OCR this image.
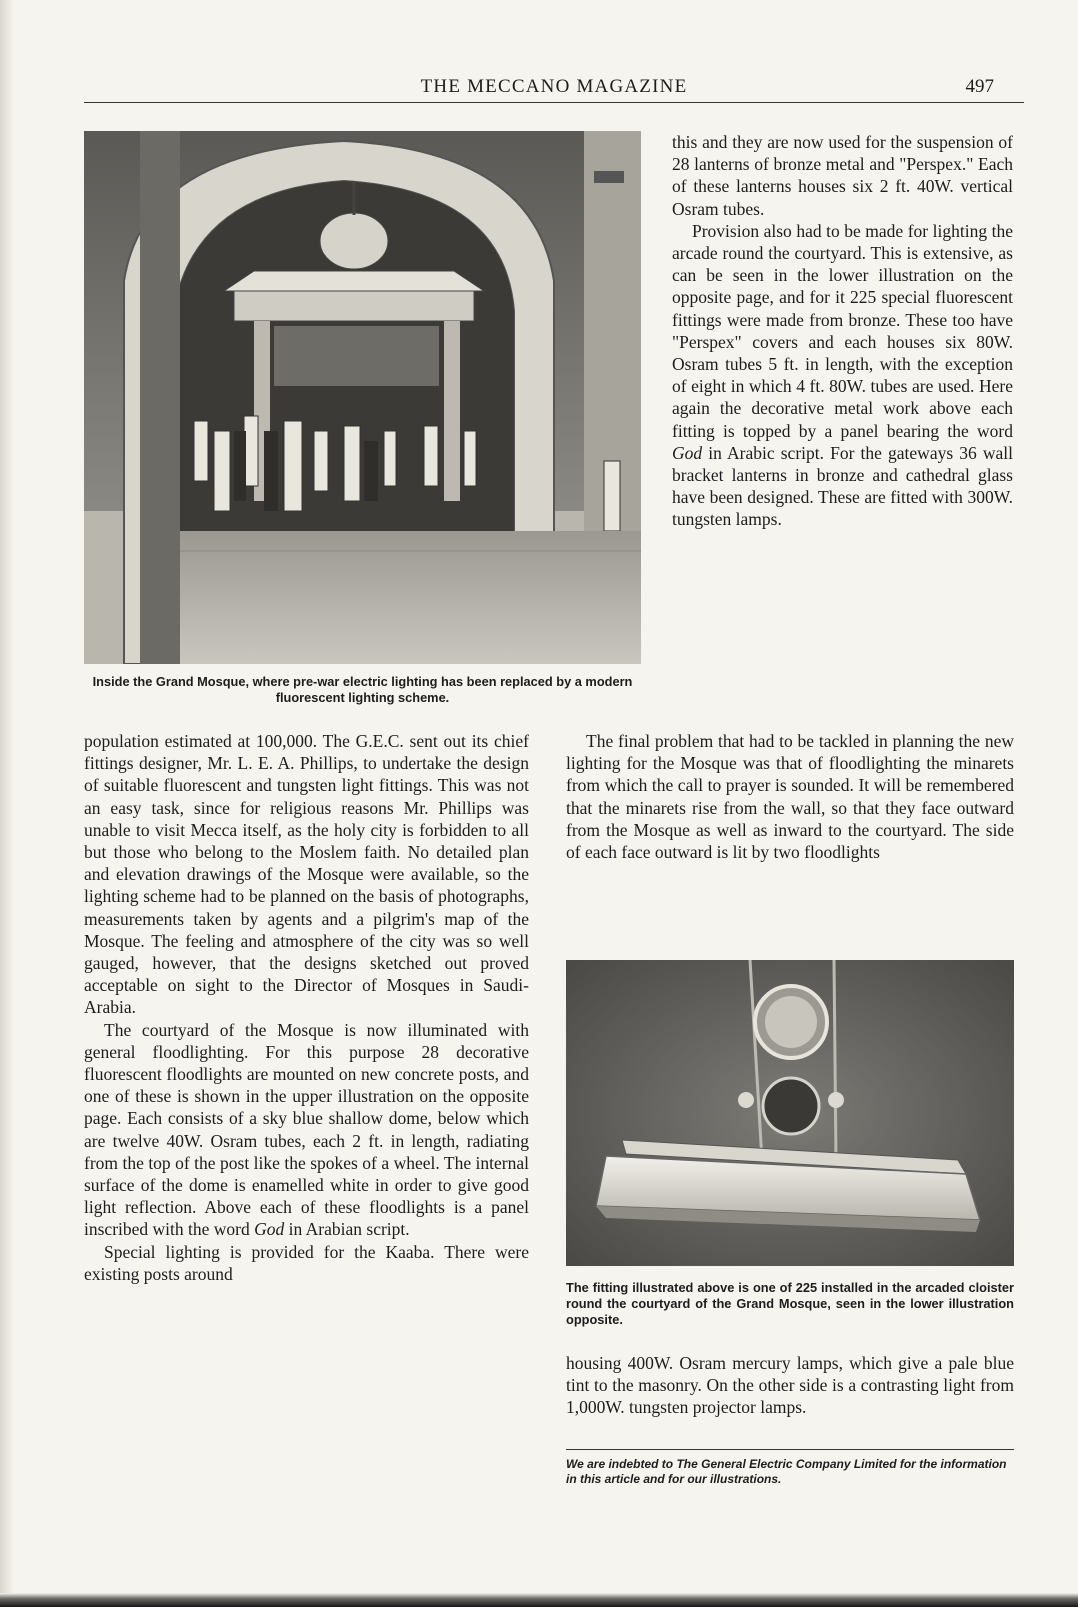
THE MECCANO MAGAZINE	497
Inside the Grand Mosque, where pre-war electric lighting has been replaced by a modern fluorescent lighting scheme.
The fitting illustrated above is one of 225 installed in the arcaded cloister round the courtyard of the Grand Mosque, seen in the lower illustration opposite.

population estimated at 100,000. The G.E.C. sent out its chief fittings designer, Mr. L. E. A. Phillips, to undertake the design of suitable fluorescent and tungsten light fittings. This was not an easy task, since for religious reasons Mr. Phillips was unable to visit Mecca itself, as the holy city is forbidden to all but those who belong to the Moslem faith. No detailed plan and elevation drawings of the Mosque were available, so the lighting scheme had to be planned on the basis of photographs, measurements taken by agents and a pilgrim's map of the Mosque. The feeling and atmosphere of the city was so well gauged, however, that the designs sketched out proved acceptable on sight to the Director of Mosques in Saudi-Arabia.

The courtyard of the Mosque is now illuminated with general floodlighting. For this purpose 28 decorative fluorescent floodlights are mounted on new concrete posts, and one of these is shown in the upper illustration on the opposite page. Each consists of a sky blue shallow dome, below which are twelve 40W. Osram tubes, each 2 ft. in length, radiating from the top of the post like the spokes of a wheel. The internal surface of the dome is enamelled white in order to give good light reflection. Above each of these floodlights is a panel inscribed with the word God in Arabian script.

Special lighting is provided for the Kaaba. There were existing posts around

this and they are now used for the suspension of 28 lanterns of bronze metal and "Perspex." Each of these lanterns houses six 2 ft. 40W. vertical Osram tubes.

Provision also had to be made for lighting the arcade round the courtyard. This is extensive, as can be seen in the lower illustration on the opposite page, and for it 225 special fluorescent fittings were made from bronze. These too have "Perspex" covers and each houses six 80W. Osram tubes 5 ft. in length, with the exception of eight in which 4 ft. 80W. tubes are used. Here again the decorative metal work above each fitting is topped by a panel bearing the word God in Arabic script. For the gateways 36 wall bracket lanterns in bronze and cathedral glass have been designed. These are fitted with 300W. tungsten lamps.

The final problem that had to be tackled in planning the new lighting for the Mosque was that of floodlighting the minarets from which the call to prayer is sounded. It will be remembered that the minarets rise from the wall, so that they face outward from the Mosque as well as inward to the courtyard. The side of each face outward is lit by two floodlights

housing 400W. Osram mercury lamps, which give a pale blue tint to the masonry. On the other side is a contrasting light from 1,000W. tungsten projector lamps.

We are indebted to The General Electric Company Limited for the information in this article and for our illustrations.
